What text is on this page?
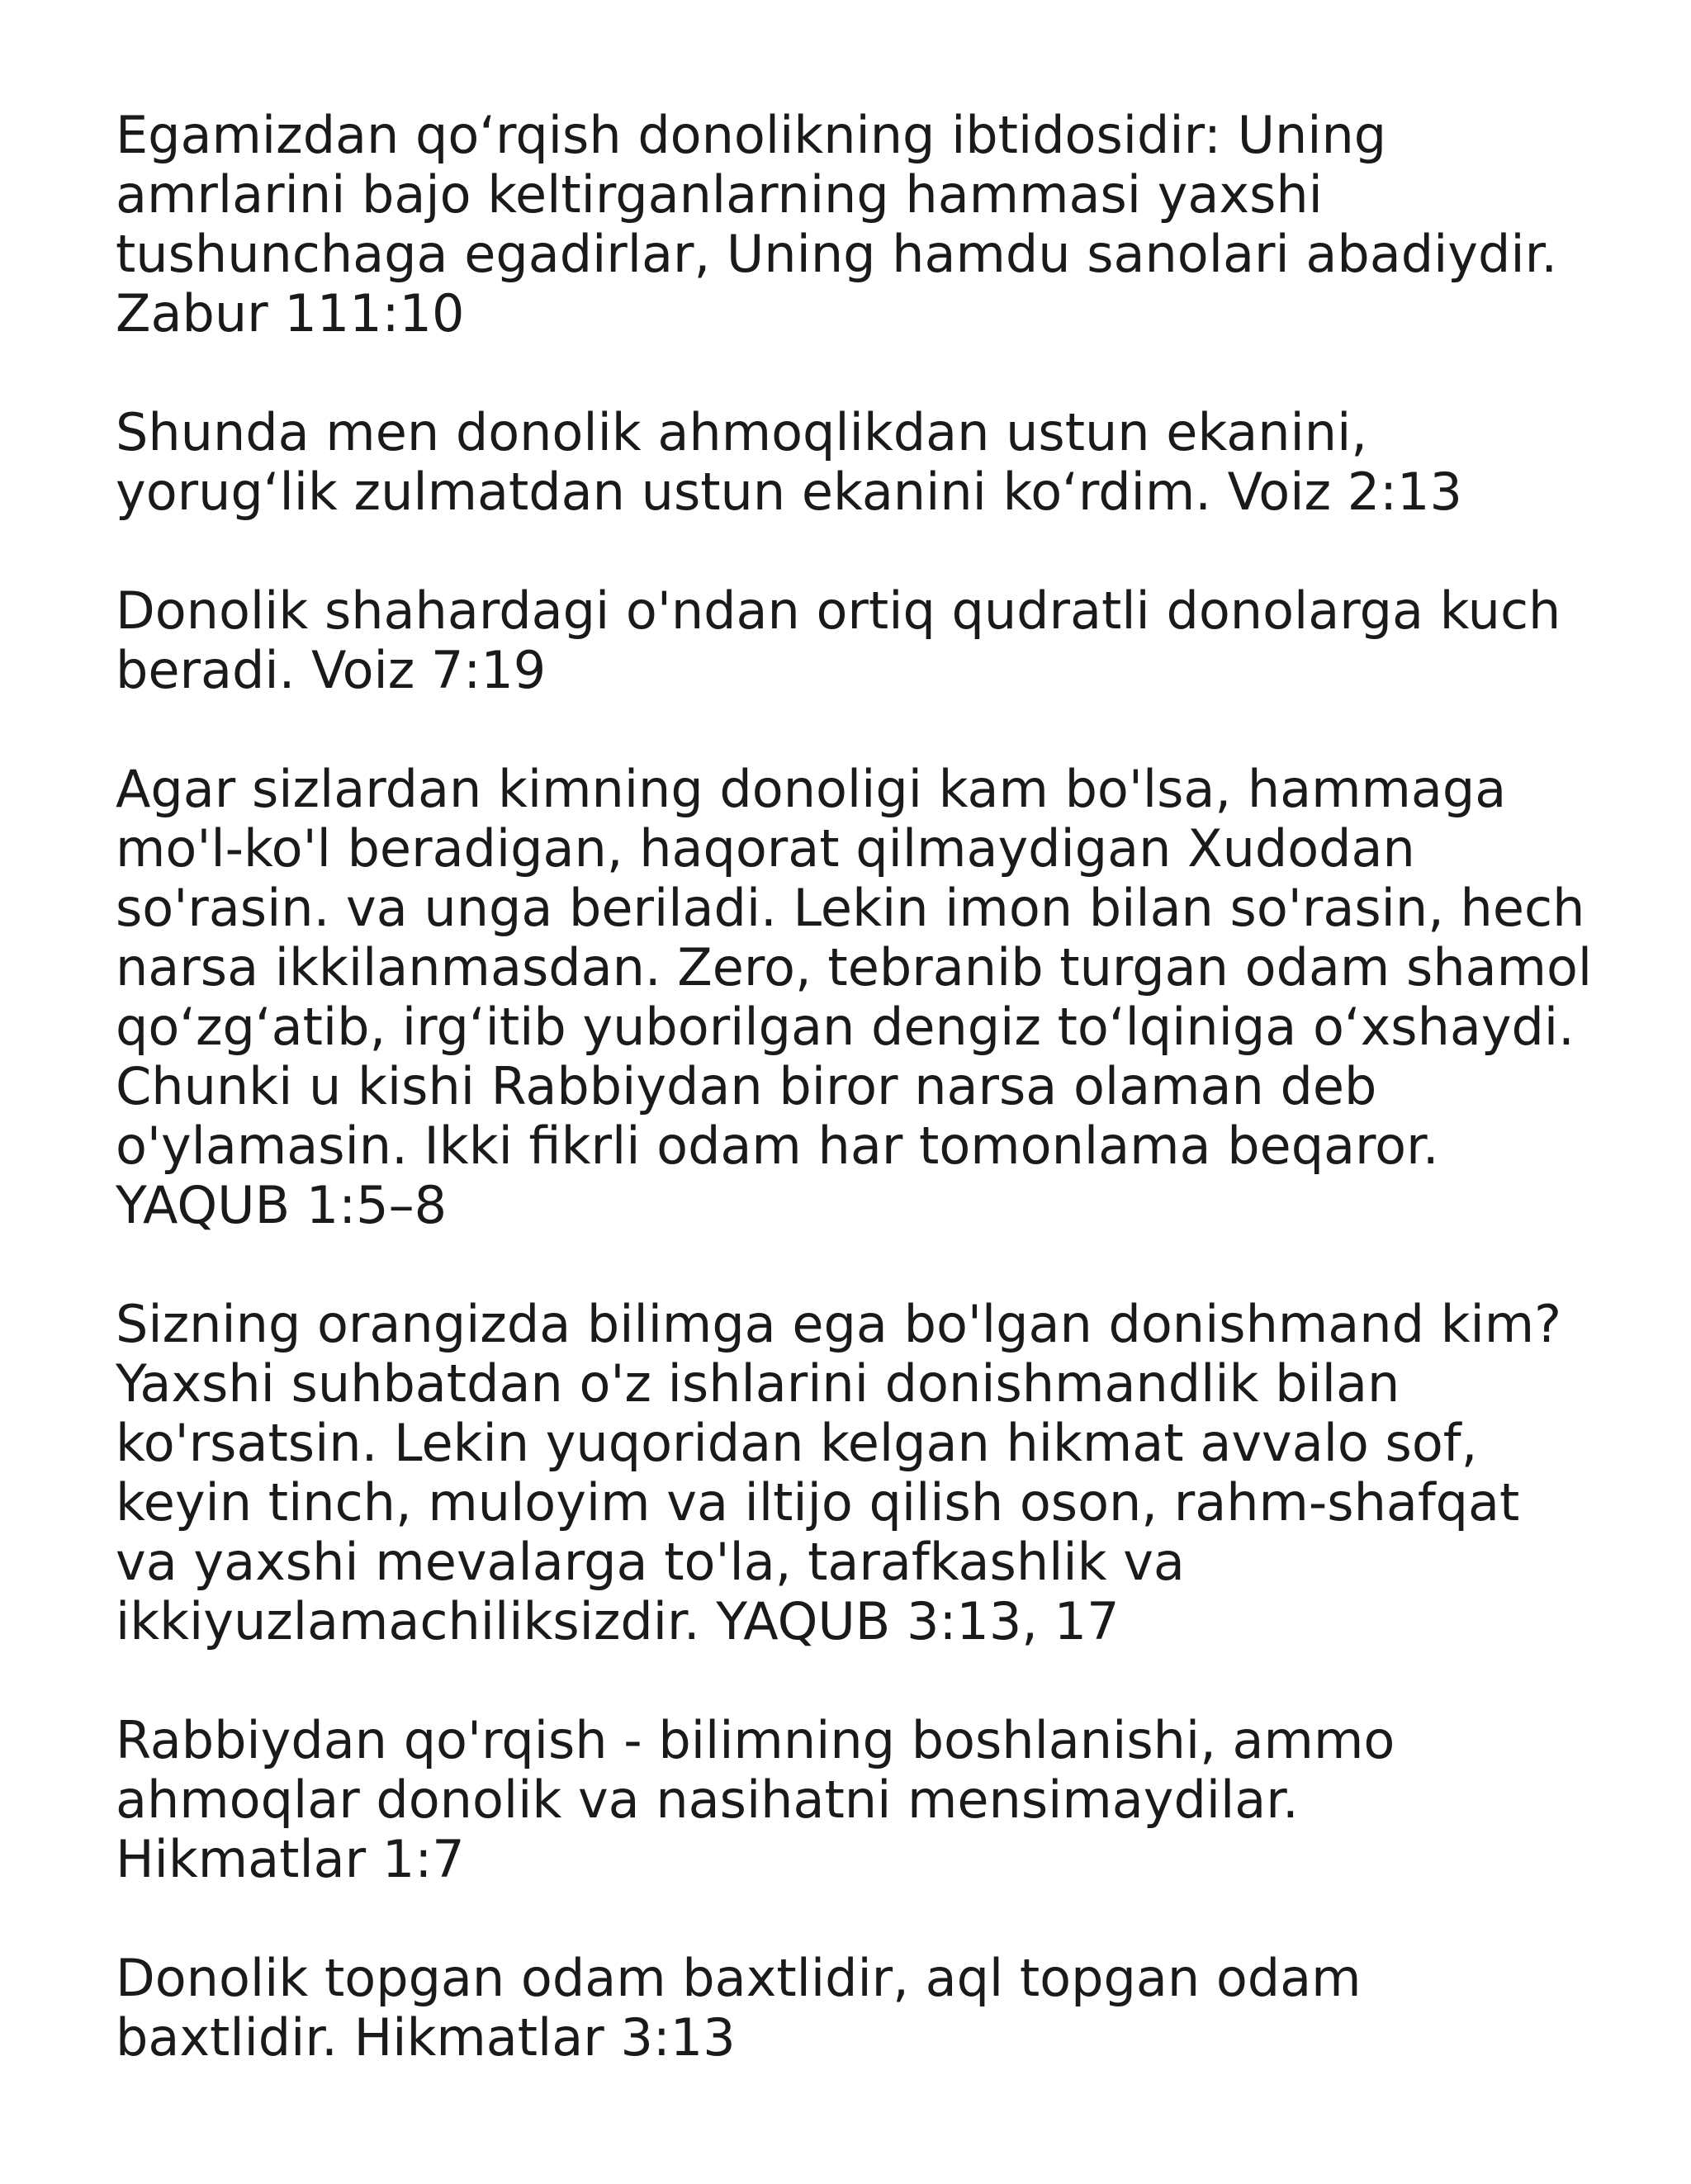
Egamizdan qo‘rqish donolikning ibtidosidir: Uning
amrlarini bajo keltirganlarning hammasi yaxshi
tushunchaga egadirlar, Uning hamdu sanolari abadiydir.
Zabur 111:10

Shunda men donolik ahmoqlikdan ustun ekanini,
yorug‘lik zulmatdan ustun ekanini ko‘rdim. Voiz 2:13

Donolik shahardagi o'ndan ortiq qudratli donolarga kuch
beradi. Voiz 7:19

Agar sizlardan kimning donoligi kam bo'lsa, hammaga
mo'l-ko'l beradigan, haqorat qilmaydigan Xudodan
so'rasin. va unga beriladi. Lekin imon bilan so'rasin, hech
narsa ikkilanmasdan. Zero, tebranib turgan odam shamol
qo‘zg‘atib, irg‘itib yuborilgan dengiz to‘lqiniga o‘xshaydi.
Chunki u kishi Rabbiydan biror narsa olaman deb
o'ylamasin. Ikki fikrli odam har tomonlama beqaror.
YAQUB 1:5–8

Sizning orangizda bilimga ega bo'lgan donishmand kim?
Yaxshi suhbatdan o'z ishlarini donishmandlik bilan
ko'rsatsin. Lekin yuqoridan kelgan hikmat avvalo sof,
keyin tinch, muloyim va iltijo qilish oson, rahm-shafqat
va yaxshi mevalarga to'la, tarafkashlik va
ikkiyuzlamachiliksizdir. YAQUB 3:13, 17

Rabbiydan qo'rqish - bilimning boshlanishi, ammo
ahmoqlar donolik va nasihatni mensimaydilar.
Hikmatlar 1:7

Donolik topgan odam baxtlidir, aql topgan odam
baxtlidir. Hikmatlar 3:13
